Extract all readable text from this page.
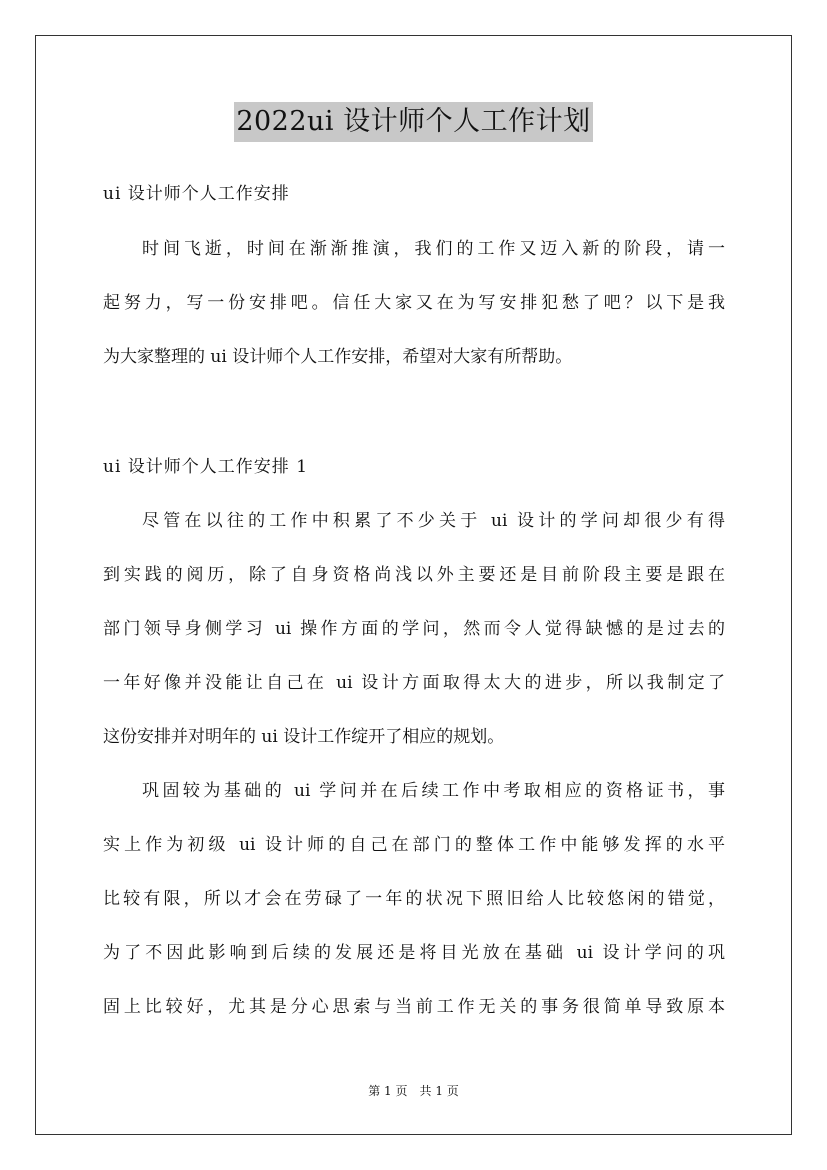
2022ui 设计师个人工作计划
ui 设计师个人工作安排
时间飞逝，时间在渐渐推演，我们的工作又迈入新的阶段，请一
起努力，写一份安排吧。信任大家又在为写安排犯愁了吧？以下是我
为大家整理的 ui 设计师个人工作安排，希望对大家有所帮助。
ui 设计师个人工作安排 1
尽管在以往的工作中积累了不少关于 ui 设计的学问却很少有得
到实践的阅历，除了自身资格尚浅以外主要还是目前阶段主要是跟在
部门领导身侧学习 ui 操作方面的学问，然而令人觉得缺憾的是过去的
一年好像并没能让自己在 ui 设计方面取得太大的进步，所以我制定了
这份安排并对明年的 ui 设计工作绽开了相应的规划。
巩固较为基础的 ui 学问并在后续工作中考取相应的资格证书，事
实上作为初级 ui 设计师的自己在部门的整体工作中能够发挥的水平
比较有限，所以才会在劳碌了一年的状况下照旧给人比较悠闲的错觉，
为了不因此影响到后续的发展还是将目光放在基础 ui 设计学问的巩
固上比较好，尤其是分心思索与当前工作无关的事务很简单导致原本
第 1 页　共 1 页
